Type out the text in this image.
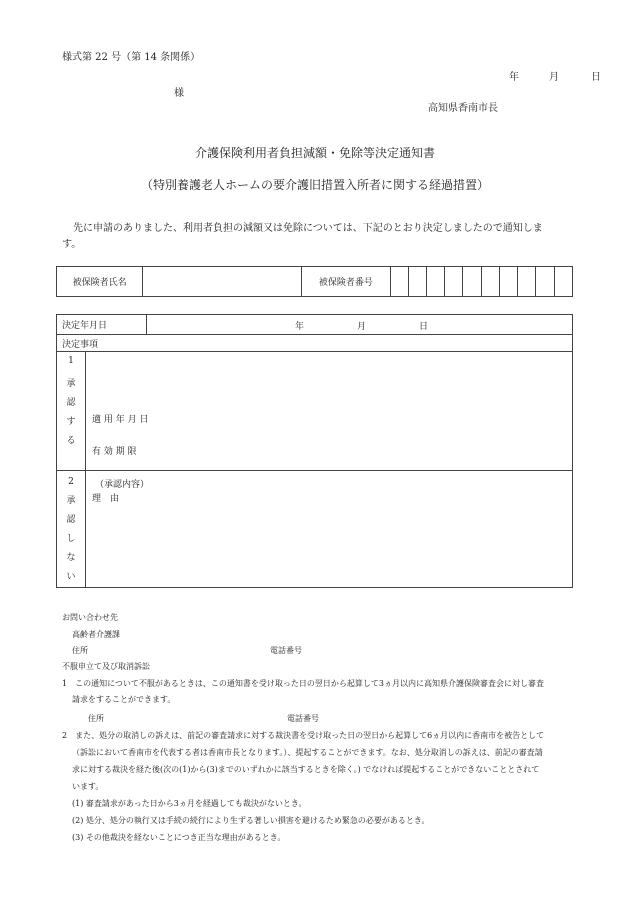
様式第 22 号（第 14 条関係）
年	月	日
様
高知県香南市長
介護保険利用者負担減額・免除等決定通知書
（特別養護老人ホームの要介護旧措置入所者に関する経過措置）
先に申請のありました、利用者負担の減額又は免除については、下記のとおり決定しましたので通知しま
す。
被保険者氏名		被保険者番号										
決定年月日	年	月	日

決定事項

1
承
認
す
る
適 用 年 月 日
有 効 期 限
（承認内容）

2
承
認
し
な
い
理　由
お問い合わせ先
高齢者介護課
住所	電話番号
不服申立て及び取消訴訟
1　この通知について不服があるときは、この通知書を受け取った日の翌日から起算して3ヵ月以内に高知県介護保険審査会に対し審査
請求をすることができます。
住所	電話番号
2　また、処分の取消しの訴えは、前記の審査請求に対する裁決書を受け取った日の翌日から起算して6ヵ月以内に香南市を被告として
（訴訟において香南市を代表する者は香南市長となります。）、提起することができます。なお、処分取消しの訴えは、前記の審査請
求に対する裁決を経た後(次の(1)から(3)までのいずれかに該当するときを除く。) でなければ提起することができないこととされて
います。
(1) 審査請求があった日から3ヵ月を経過しても裁決がないとき。
(2) 処分、処分の執行又は手続の続行により生ずる著しい損害を避けるため緊急の必要があるとき。
(3) その他裁決を経ないことにつき正当な理由があるとき。
